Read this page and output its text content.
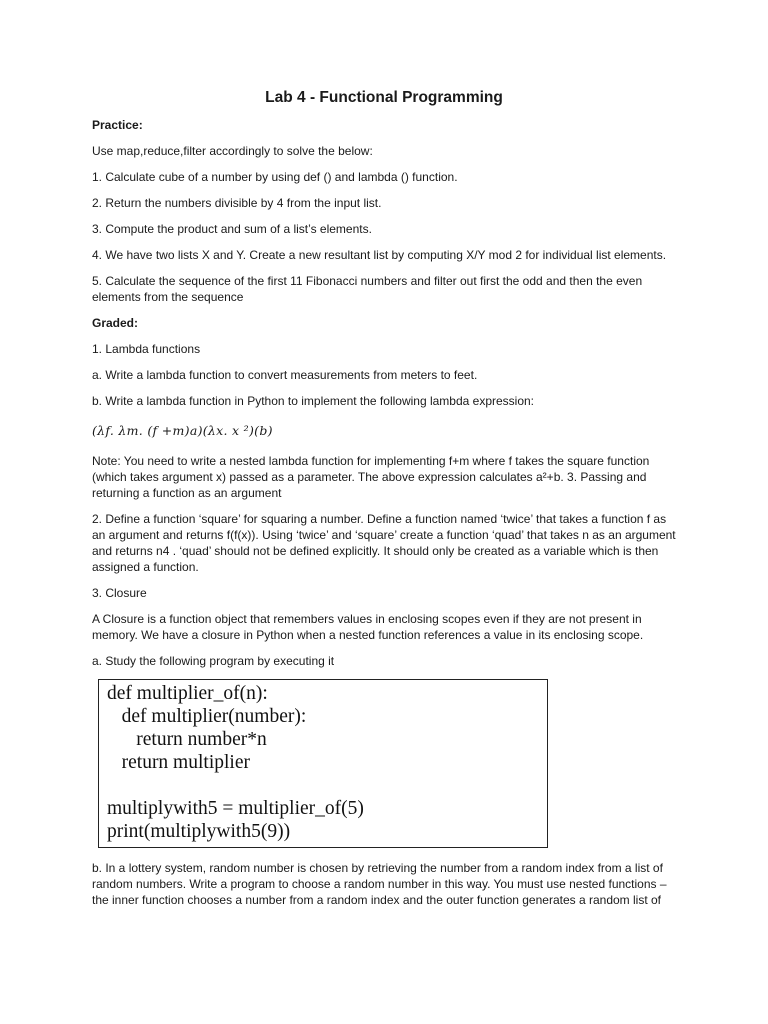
Lab 4 - Functional Programming

Practice:

Use map,reduce,filter accordingly to solve the below:

1. Calculate cube of a number by using def () and lambda () function.

2. Return the numbers divisible by 4 from the input list.

3. Compute the product and sum of a list’s elements.

4. We have two lists X and Y. Create a new resultant list by computing X/Y mod 2 for individual list elements.

5. Calculate the sequence of the first 11 Fibonacci numbers and filter out first the odd and then the even elements from the sequence

Graded:

1. Lambda functions

a. Write a lambda function to convert measurements from meters to feet.

b. Write a lambda function in Python to implement the following lambda expression:

(λf. λm. (f +m)a)(λx. x ²)(b)

Note: You need to write a nested lambda function for implementing f+m where f takes the square function (which takes argument x) passed as a parameter. The above expression calculates a²+b. 3. Passing and returning a function as an argument

2. Define a function ‘square’ for squaring a number. Define a function named ‘twice’ that takes a function f as an argument and returns f(f(x)). Using ‘twice’ and ‘square’ create a function ‘quad’ that takes n as an argument and returns n4 . ‘quad’ should not be defined explicitly. It should only be created as a variable which is then assigned a function.

3. Closure

A Closure is a function object that remembers values in enclosing scopes even if they are not present in memory. We have a closure in Python when a nested function references a value in its enclosing scope.

a. Study the following program by executing it

def multiplier_of(n):
def multiplier(number):
return number*n
return multiplier
multiplywith5 = multiplier_of(5)
print(multiplywith5(9))

b. In a lottery system, random number is chosen by retrieving the number from a random index from a list of random numbers. Write a program to choose a random number in this way. You must use nested functions – the inner function chooses a number from a random index and the outer function generates a random list of
